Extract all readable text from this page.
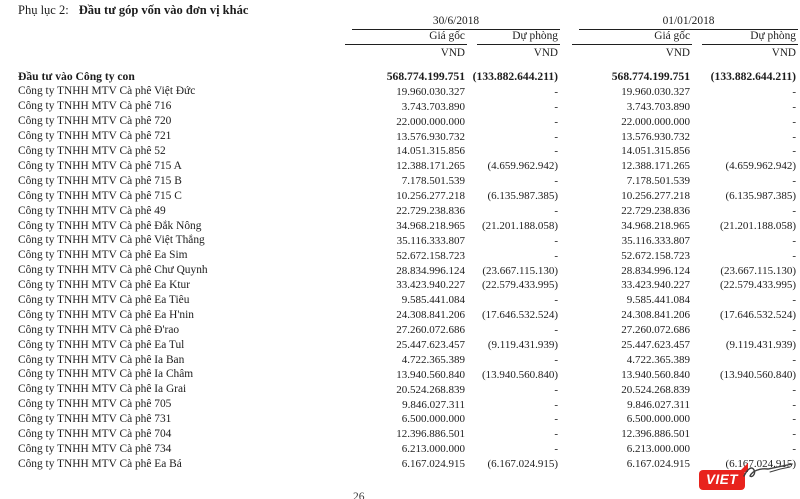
Phụ lục 2: Đầu tư góp vốn vào đơn vị khác

	30/6/2018			01/01/2018	

	Giá gốc	Dự phòng		Giá gốc	Dự phòng

	VND	VND		VND	VND

Đầu tư vào Công ty con	568.774.199.751	(133.882.644.211)		568.774.199.751	(133.882.644.211)
Công ty TNHH MTV Cà phê Việt Đức	19.960.030.327	-		19.960.030.327	-
Công ty TNHH MTV Cà phê 716	3.743.703.890	-		3.743.703.890	-
Công ty TNHH MTV Cà phê 720	22.000.000.000	-		22.000.000.000	-
Công ty TNHH MTV Cà phê 721	13.576.930.732	-		13.576.930.732	-
Công ty TNHH MTV Cà phê 52	14.051.315.856	-		14.051.315.856	-
Công ty TNHH MTV Cà phê 715 A	12.388.171.265	(4.659.962.942)		12.388.171.265	(4.659.962.942)
Công ty TNHH MTV Cà phê 715 B	7.178.501.539	-		7.178.501.539	-
Công ty TNHH MTV Cà phê 715 C	10.256.277.218	(6.135.987.385)		10.256.277.218	(6.135.987.385)
Công ty TNHH MTV Cà phê 49	22.729.238.836	-		22.729.238.836	-
Công ty TNHH MTV Cà phê Đắk Nông	34.968.218.965	(21.201.188.058)		34.968.218.965	(21.201.188.058)
Công ty TNHH MTV Cà phê Việt Thắng	35.116.333.807	-		35.116.333.807	-
Công ty TNHH MTV Cà phê Ea Sim	52.672.158.723	-		52.672.158.723	-
Công ty TNHH MTV Cà phê Chư Quynh	28.834.996.124	(23.667.115.130)		28.834.996.124	(23.667.115.130)
Công ty TNHH MTV Cà phê Ea Ktur	33.423.940.227	(22.579.433.995)		33.423.940.227	(22.579.433.995)
Công ty TNHH MTV Cà phê Ea Tiêu	9.585.441.084	-		9.585.441.084	-
Công ty TNHH MTV Cà phê Ea H'nin	24.308.841.206	(17.646.532.524)		24.308.841.206	(17.646.532.524)
Công ty TNHH MTV Cà phê Đ'rao	27.260.072.686	-		27.260.072.686	-
Công ty TNHH MTV Cà phê Ea Tul	25.447.623.457	(9.119.431.939)		25.447.623.457	(9.119.431.939)
Công ty TNHH MTV Cà phê Ia Ban	4.722.365.389	-		4.722.365.389	-
Công ty TNHH MTV Cà phê Ia Châm	13.940.560.840	(13.940.560.840)		13.940.560.840	(13.940.560.840)
Công ty TNHH MTV Cà phê Ia Grai	20.524.268.839	-		20.524.268.839	-
Công ty TNHH MTV Cà phê 705	9.846.027.311	-		9.846.027.311	-
Công ty TNHH MTV Cà phê 731	6.500.000.000	-		6.500.000.000	-
Công ty TNHH MTV Cà phê 704	12.396.886.501	-		12.396.886.501	-
Công ty TNHH MTV Cà phê 734	6.213.000.000	-		6.213.000.000	-
Công ty TNHH MTV Cà phê Ea Bá	6.167.024.915	(6.167.024.915)		6.167.024.915	(6.167.024.915)
VIET
26
